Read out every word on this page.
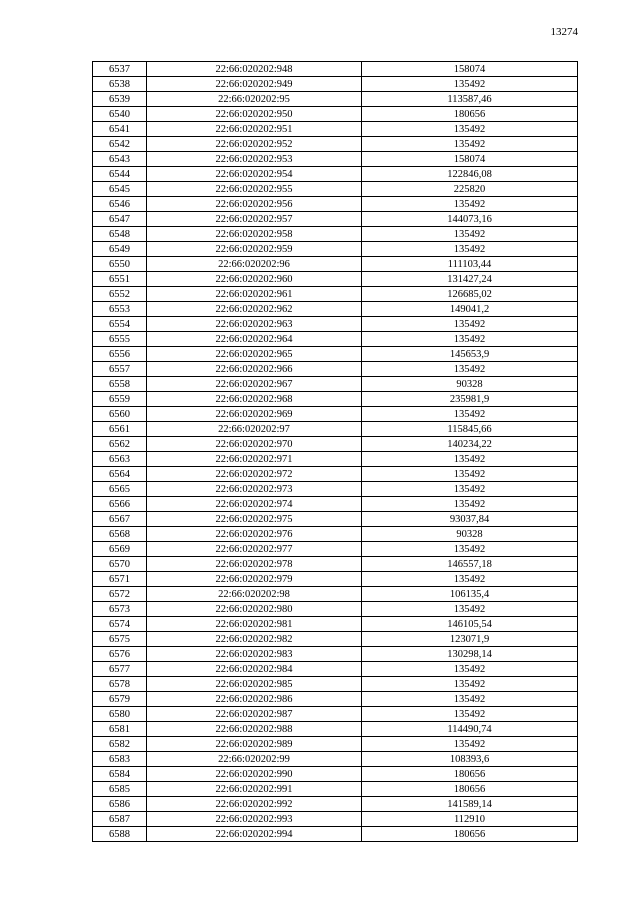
13274
6537	22:66:020202:948	158074
6538	22:66:020202:949	135492
6539	22:66:020202:95	113587,46
6540	22:66:020202:950	180656
6541	22:66:020202:951	135492
6542	22:66:020202:952	135492
6543	22:66:020202:953	158074
6544	22:66:020202:954	122846,08
6545	22:66:020202:955	225820
6546	22:66:020202:956	135492
6547	22:66:020202:957	144073,16
6548	22:66:020202:958	135492
6549	22:66:020202:959	135492
6550	22:66:020202:96	111103,44
6551	22:66:020202:960	131427,24
6552	22:66:020202:961	126685,02
6553	22:66:020202:962	149041,2
6554	22:66:020202:963	135492
6555	22:66:020202:964	135492
6556	22:66:020202:965	145653,9
6557	22:66:020202:966	135492
6558	22:66:020202:967	90328
6559	22:66:020202:968	235981,9
6560	22:66:020202:969	135492
6561	22:66:020202:97	115845,66
6562	22:66:020202:970	140234,22
6563	22:66:020202:971	135492
6564	22:66:020202:972	135492
6565	22:66:020202:973	135492
6566	22:66:020202:974	135492
6567	22:66:020202:975	93037,84
6568	22:66:020202:976	90328
6569	22:66:020202:977	135492
6570	22:66:020202:978	146557,18
6571	22:66:020202:979	135492
6572	22:66:020202:98	106135,4
6573	22:66:020202:980	135492
6574	22:66:020202:981	146105,54
6575	22:66:020202:982	123071,9
6576	22:66:020202:983	130298,14
6577	22:66:020202:984	135492
6578	22:66:020202:985	135492
6579	22:66:020202:986	135492
6580	22:66:020202:987	135492
6581	22:66:020202:988	114490,74
6582	22:66:020202:989	135492
6583	22:66:020202:99	108393,6
6584	22:66:020202:990	180656
6585	22:66:020202:991	180656
6586	22:66:020202:992	141589,14
6587	22:66:020202:993	112910
6588	22:66:020202:994	180656
